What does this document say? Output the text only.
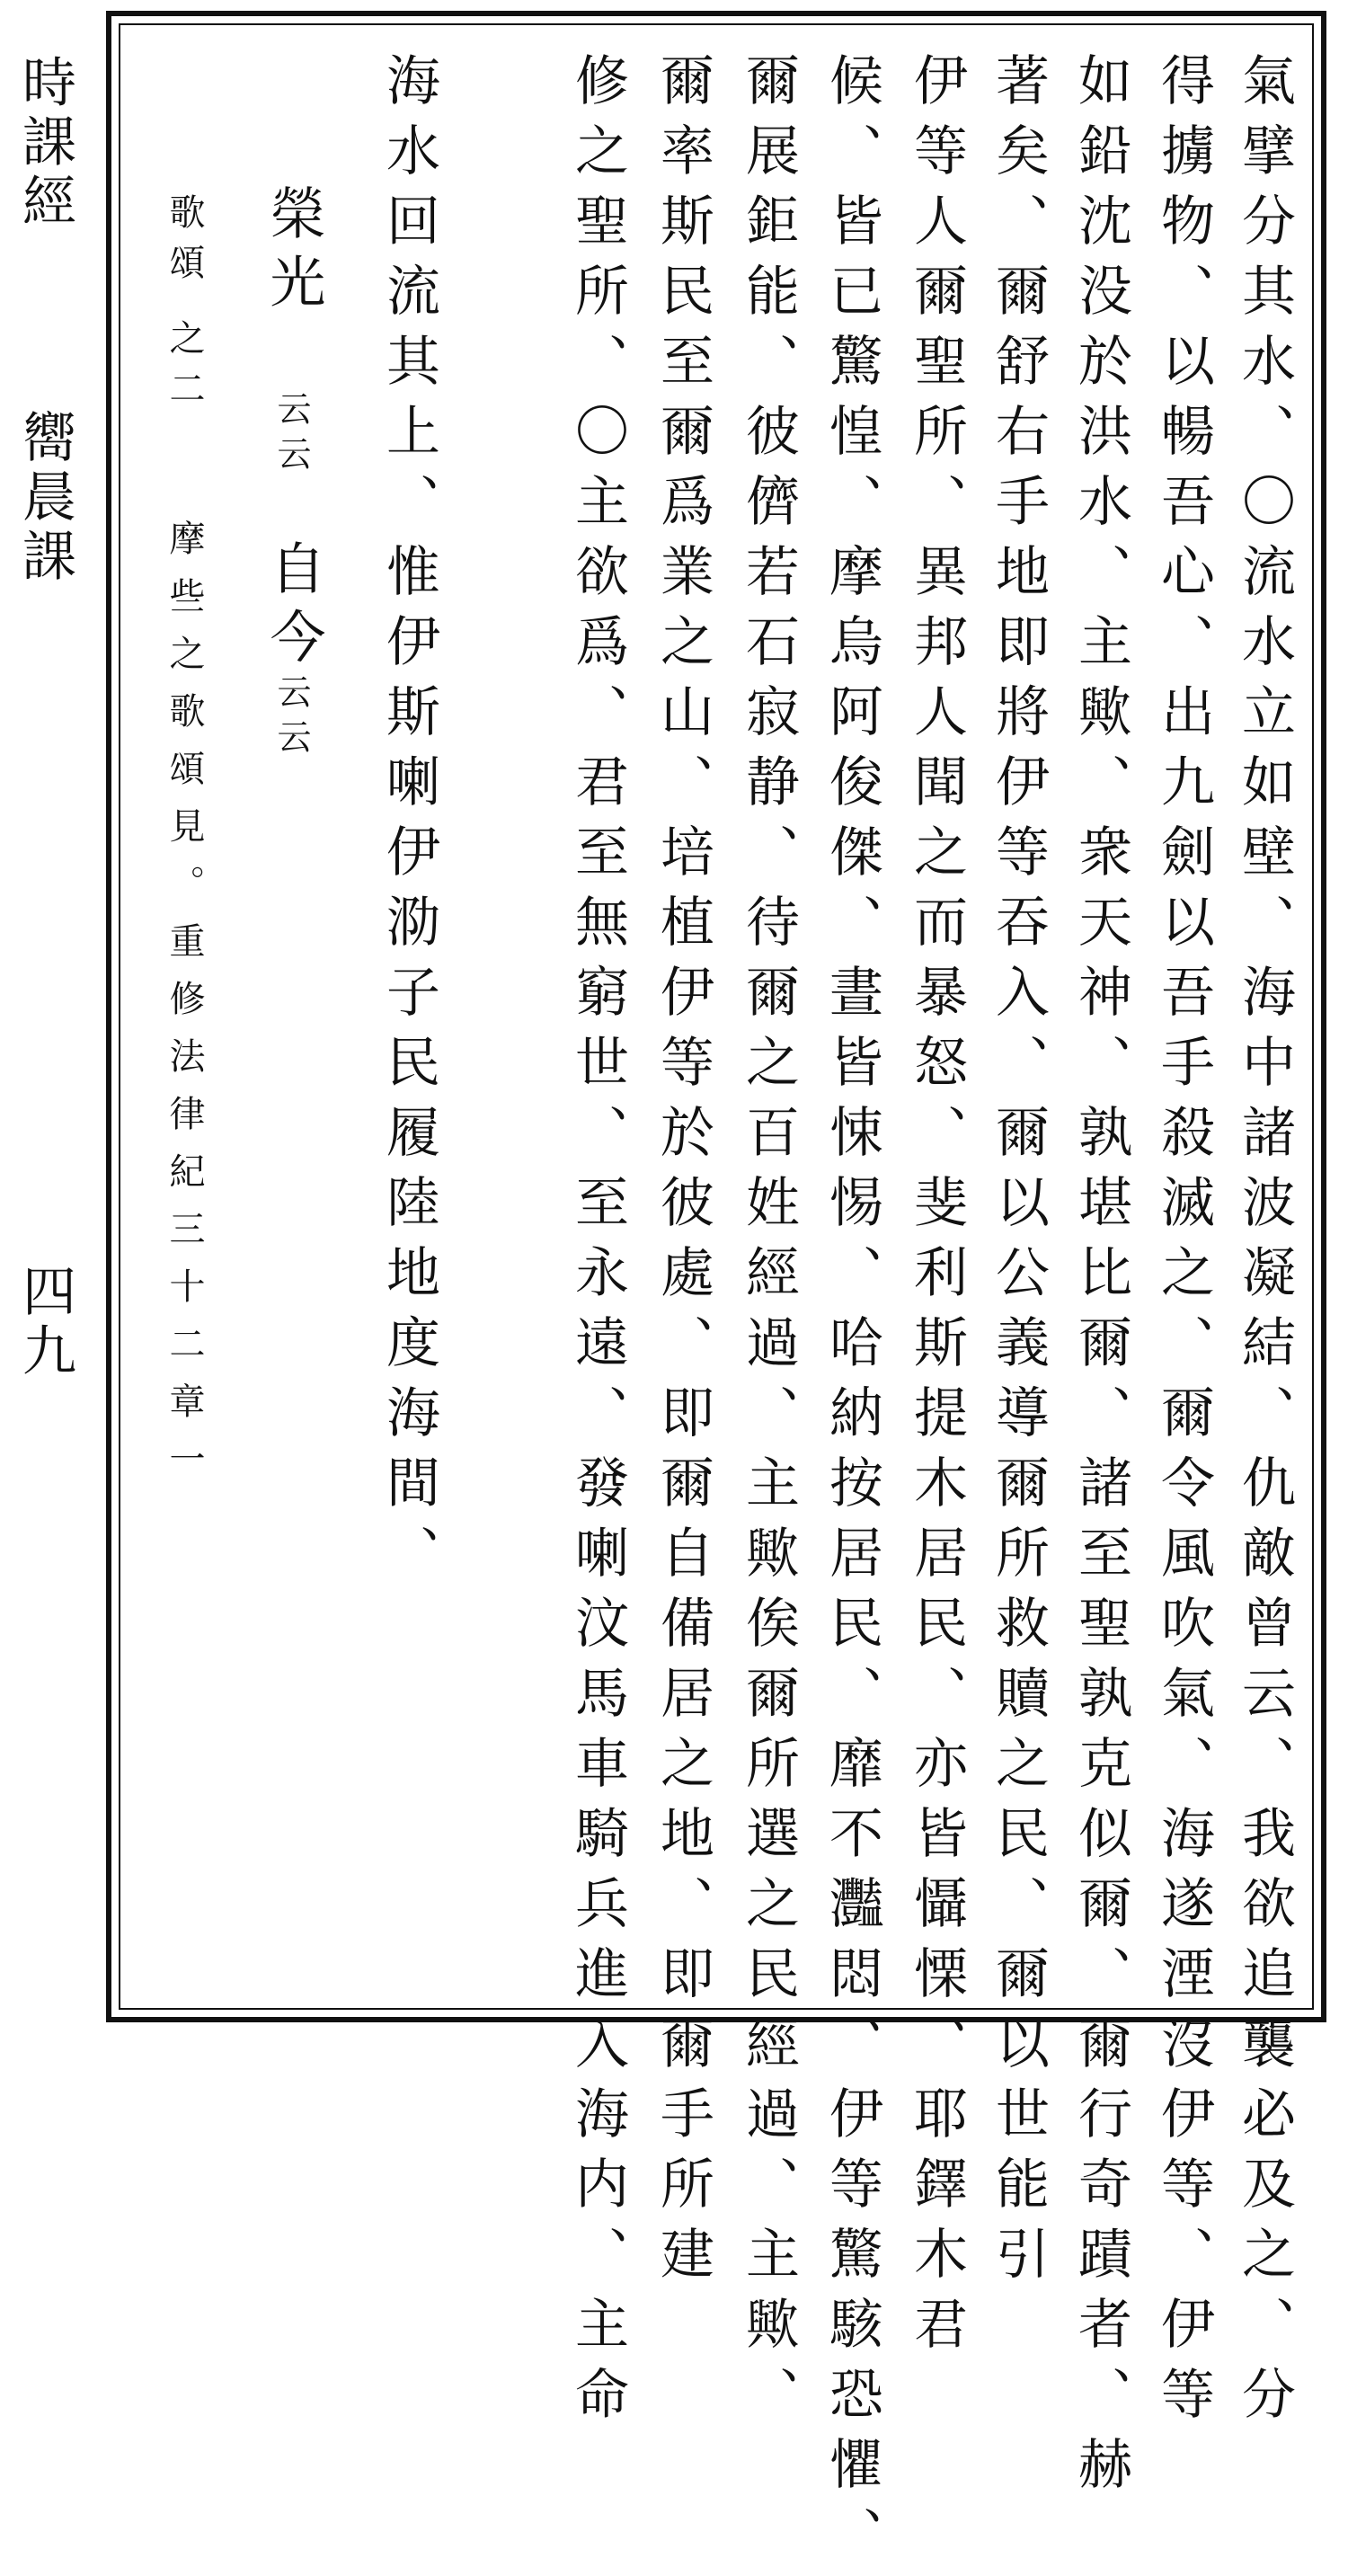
時課經
嚮晨課
四九	氣擘分其水、〇流水立如壁、海中諸波凝結、仇敵曾云、我欲追襲必及之、分
得擄物、以暢吾心、出九劍以吾手殺滅之、爾令風吹氣、海遂湮沒伊等、伊等
如鉛沈没於洪水、主歟、衆天神、孰堪比爾、諸至聖孰克似爾、爾行奇蹟者、赫
著矣、爾舒右手地即將伊等吞入、爾以公義導爾所救贖之民、爾以世能引
伊等人爾聖所、異邦人聞之而暴怒、斐利斯提木居民、亦皆懾慄、耶鐸木君
候、皆已驚惶、摩烏阿俊傑、晝皆悚惕、哈納按居民、靡不灩悶、伊等驚駭恐懼、
爾展鉅能、彼儕若石寂静、待爾之百姓經過、主歟俟爾所選之民經過、主歟、
爾率斯民至爾爲業之山、培植伊等於彼處、即爾自備居之地、即爾手所建
修之聖所、〇主欲爲、君至無窮世、至永遠、發喇汶馬車騎兵進入海内、主命
海水回流其上、惟伊斯喇伊泐子民履陸地度海間、
榮光
云云
自今
云云
歌頌
之二
摩些之歌頌見。重修法律紀三十二章一
